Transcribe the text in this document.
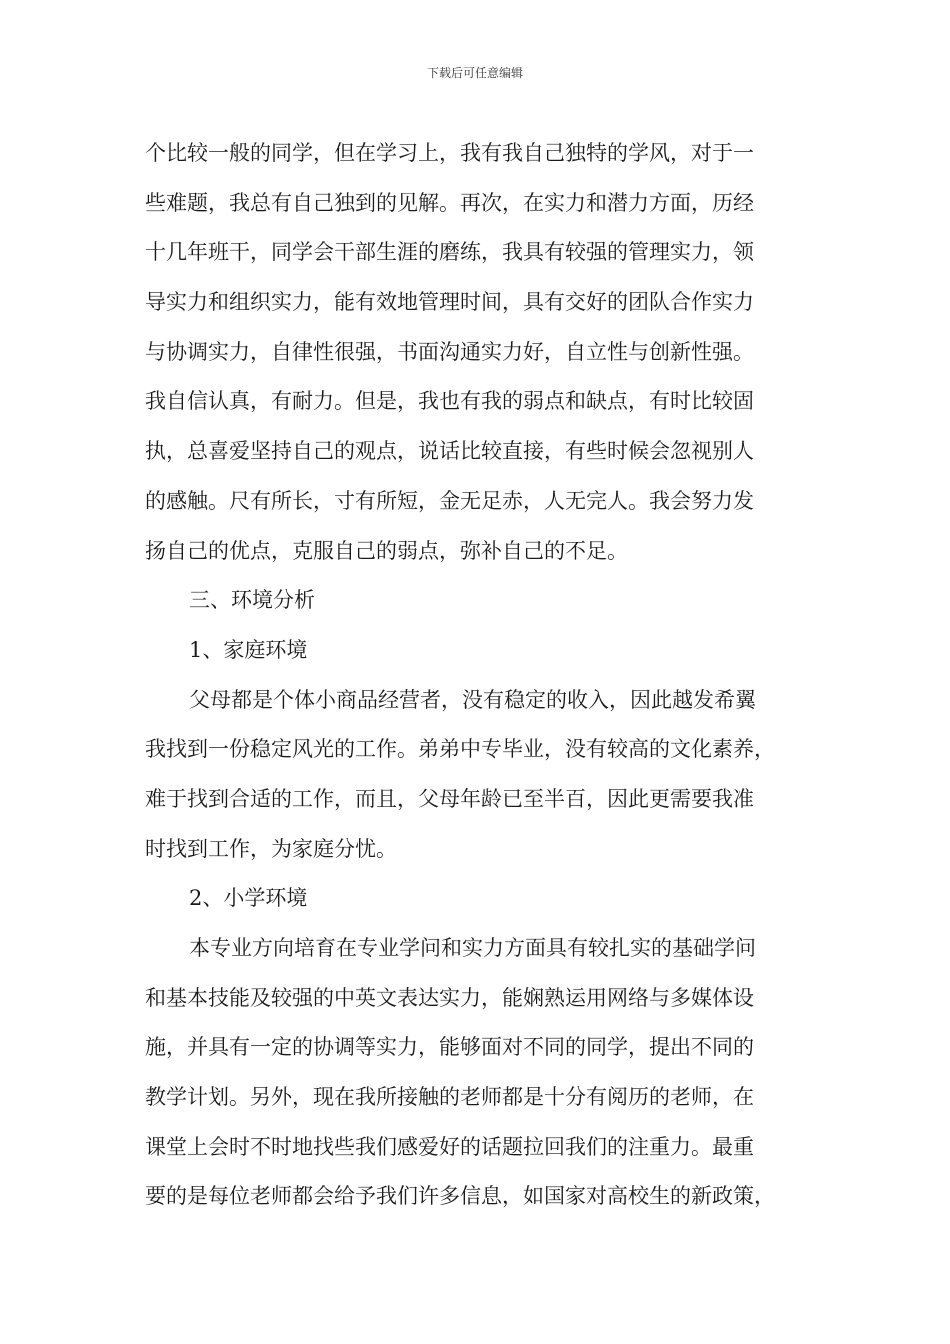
下载后可任意编辑
个比较一般的同学，但在学习上，我有我自己独特的学风，对于一
些难题，我总有自己独到的见解。再次，在实力和潜力方面，历经
十几年班干，同学会干部生涯的磨练，我具有较强的管理实力，领
导实力和组织实力，能有效地管理时间，具有交好的团队合作实力
与协调实力，自律性很强，书面沟通实力好，自立性与创新性强。
我自信认真，有耐力。但是，我也有我的弱点和缺点，有时比较固
执，总喜爱坚持自己的观点，说话比较直接，有些时候会忽视别人
的感触。尺有所长，寸有所短，金无足赤，人无完人。我会努力发
扬自己的优点，克服自己的弱点，弥补自己的不足。
三、环境分析
1、家庭环境
父母都是个体小商品经营者，没有稳定的收入，因此越发希翼
我找到一份稳定风光的工作。弟弟中专毕业，没有较高的文化素养，
难于找到合适的工作，而且，父母年龄已至半百，因此更需要我准
时找到工作，为家庭分忧。
2、小学环境
本专业方向培育在专业学问和实力方面具有较扎实的基础学问
和基本技能及较强的中英文表达实力，能娴熟运用网络与多媒体设
施，并具有一定的协调等实力，能够面对不同的同学，提出不同的
教学计划。另外，现在我所接触的老师都是十分有阅历的老师，在
课堂上会时不时地找些我们感爱好的话题拉回我们的注重力。最重
要的是每位老师都会给予我们许多信息，如国家对高校生的新政策，
